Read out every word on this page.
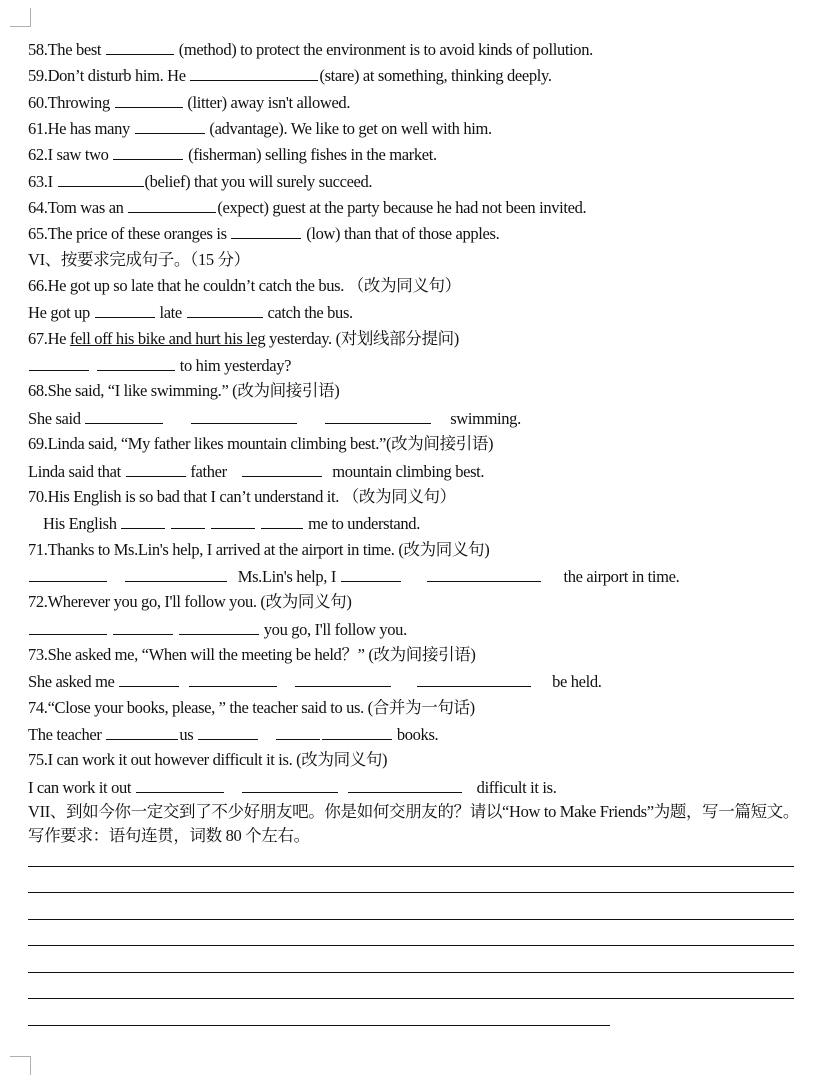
58.The best	(method) to protect the environment is to avoid kinds of pollution.
59.Don’t disturb him. He	(stare) at something, thinking deeply.
60.Throwing	(litter) away isn't allowed.
61.He has many	(advantage). We like to get on well with him.
62.I saw two	(fisherman) selling fishes in the market.
63.I	(belief) that you will surely succeed.
64.Tom was an	(expect) guest at the party because he had not been invited.
65.The price of these oranges is	(low) than that of those apples.
VI、按要求完成句子。（15 分）
66.He got up so late that he couldn’t catch the bus. （改为同义句）
He got up	late	catch the bus.
67.He fell off his bike and hurt his leg yesterday. (对划线部分提问)
to him yesterday?
68.She said, “I like swimming.” (改为间接引语)
She said	swimming.
69.Linda said, “My father likes mountain climbing best.”(改为间接引语)
Linda said that	father	mountain climbing best.
70.His English is so bad that I can’t understand it. （改为同义句）
His English	me to understand.
71.Thanks to Ms.Lin's help, I arrived at the airport in time. (改为同义句)
Ms.Lin's help, I	the airport in time.
72.Wherever you go, I'll follow you. (改为同义句)
you go, I'll follow you.
73.She asked me, “When will the meeting be held？” (改为间接引语)
She asked me	be held.
74.“Close your books, please, ” the teacher said to us. (合并为一句话)
The teacher	us	books.
75.I can work it out however difficult it is. (改为同义句)
I can work it out	difficult it is.
VII、到如今你一定交到了不少好朋友吧。你是如何交朋友的？请以“How to Make Friends”为题，写一篇短文。写作要求：语句连贯，词数 80 个左右。
